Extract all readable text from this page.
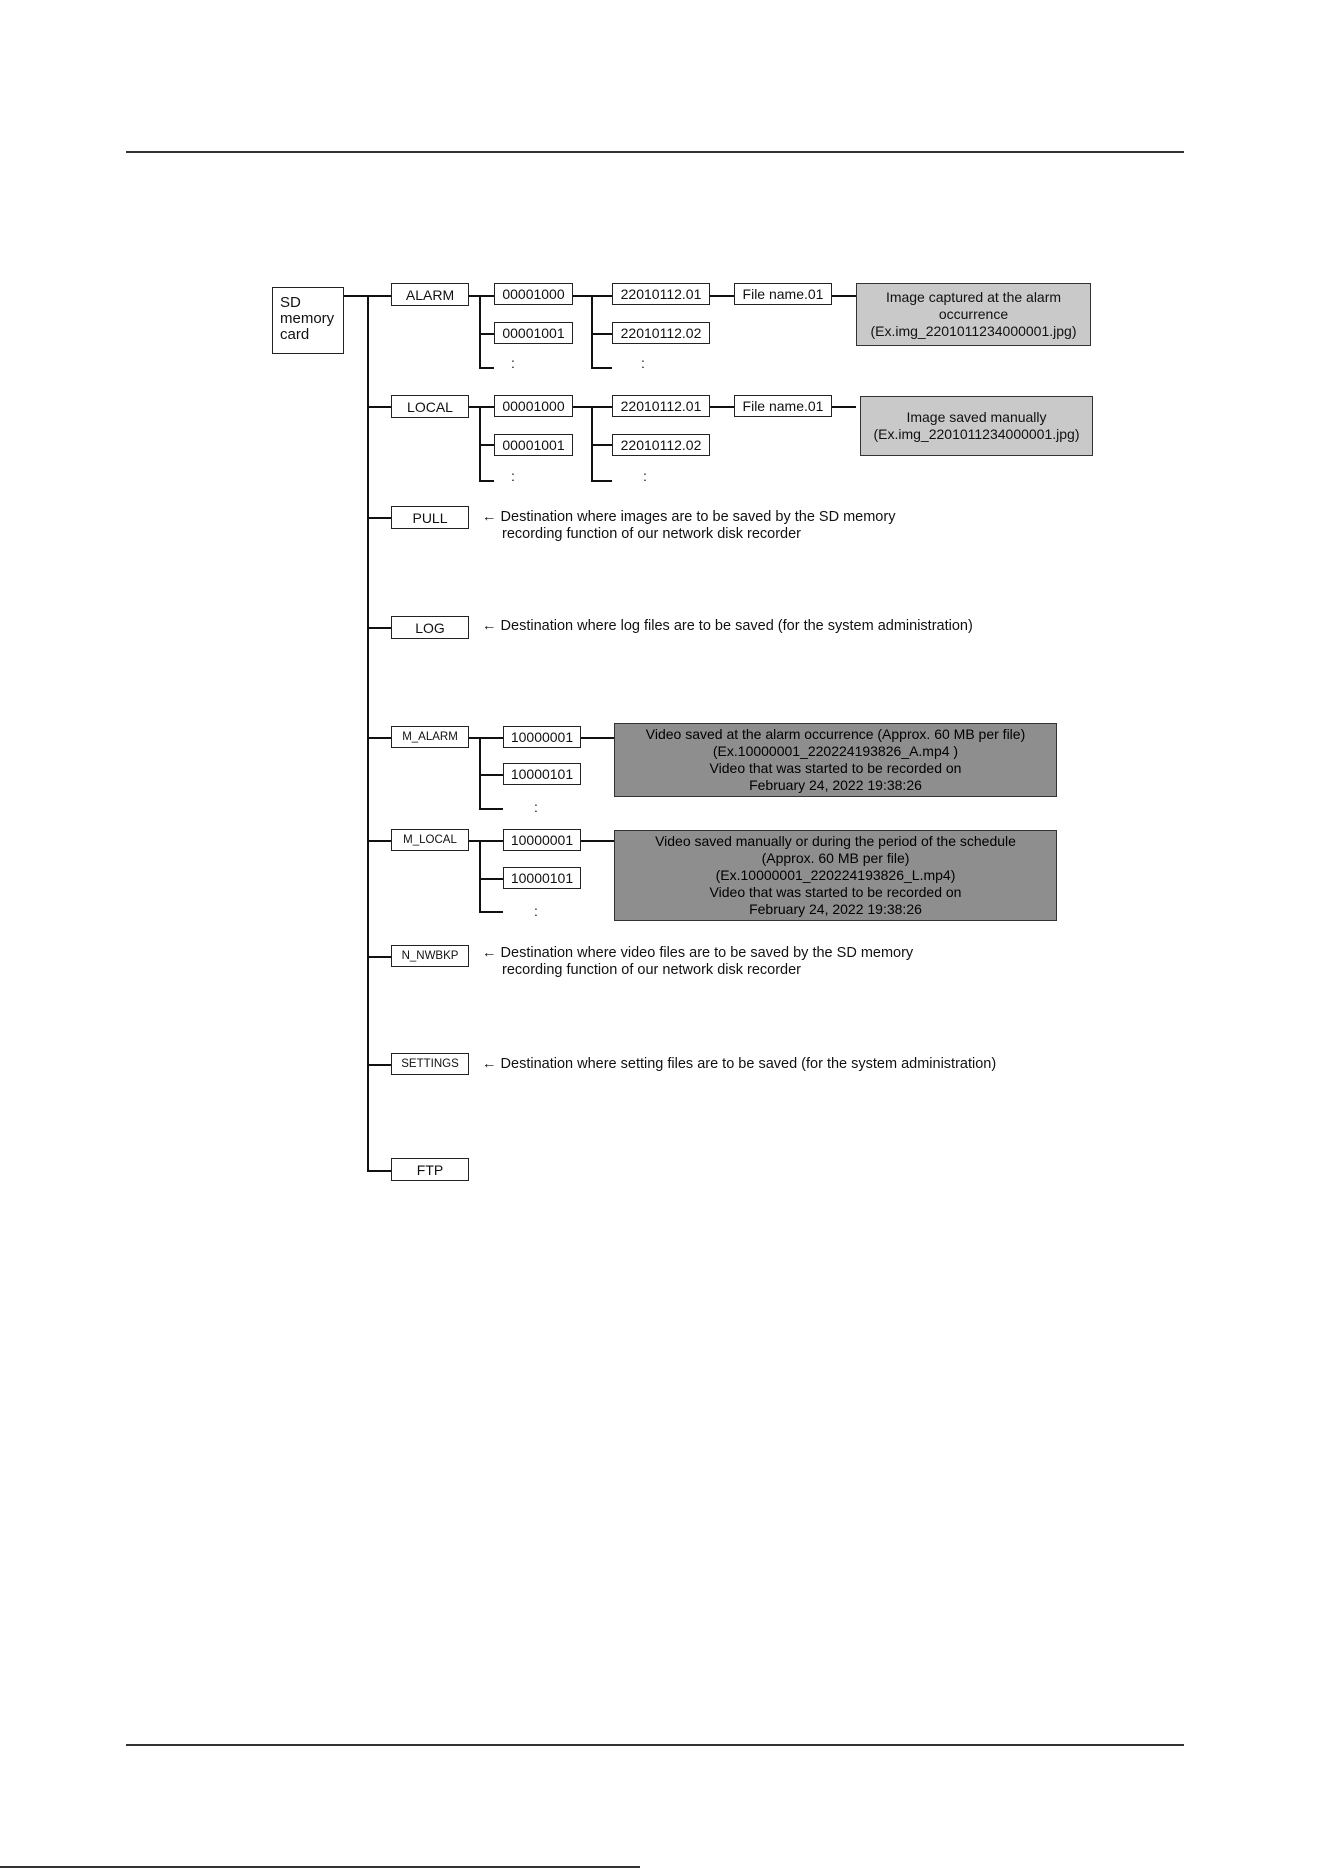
SD
memory
card
ALARM	00001000
00001001
:
22010112.01
22010112.02
:
File name.01	Image captured at the alarm
occurrence
(Ex.img_2201011234000001.jpg)
LOCAL	00001000
00001001
:
22010112.01
22010112.02
:
File name.01
Image saved manually
(Ex.img_2201011234000001.jpg)
PULL	← Destination where images are to be saved by the SD memory
recording function of our network disk recorder
LOG	← Destination where log files are to be saved (for the system administration)
M_ALARM	10000001
10000101
:
Video saved at the alarm occurrence (Approx. 60 MB per file)
(Ex.10000001_220224193826_A.mp4 )
Video that was started to be recorded on
February 24, 2022 19:38:26
M_LOCAL	10000001
10000101
:
Video saved manually or during the period of the schedule
(Approx. 60 MB per file)
(Ex.10000001_220224193826_L.mp4)
Video that was started to be recorded on
February 24, 2022 19:38:26
N_NWBKP	← Destination where video files are to be saved by the SD memory
recording function of our network disk recorder
SETTINGS	← Destination where setting files are to be saved (for the system administration)
FTP
